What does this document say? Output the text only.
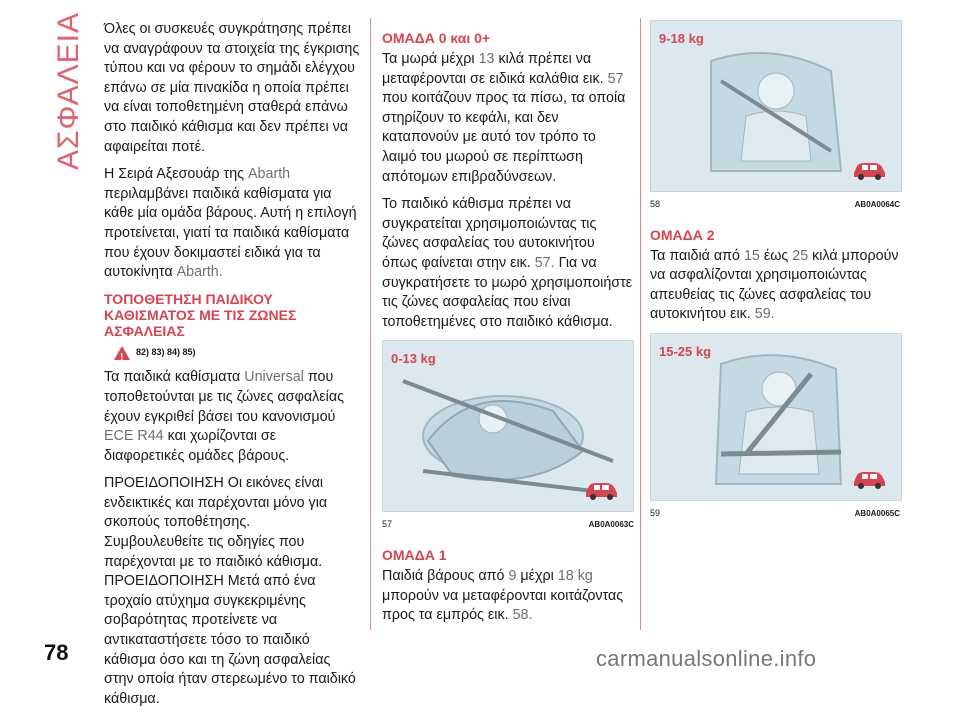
ΑΣΦΑΛΕΙΑ Όλες οι συσκευές συγκράτησης πρέπει να αναγράφουν τα στοιχεία της έγκρισης τύπου και να φέρουν το σημάδι ελέγχου επάνω σε μία πινακίδα η οποία πρέπει να είναι τοποθετημένη σταθερά επάνω στο παιδικό κάθισμα και δεν πρέπει να αφαιρείται ποτέ.

Η Σειρά Αξεσουάρ της Abarth περιλαμβάνει παιδικά καθίσματα για κάθε μία ομάδα βάρους. Αυτή η επιλογή προτείνεται, γιατί τα παιδικά καθίσματα που έχουν δοκιμαστεί ειδικά για τα αυτοκίνητα Abarth.

ΤΟΠΟΘΕΤΗΣΗ ΠΑΙΔΙΚΟΥ ΚΑΘΙΣΜΑΤΟΣ ΜΕ ΤΙΣ ΖΩΝΕΣ ΑΣΦΑΛΕΙΑΣ
! 82) 83) 84) 85)

Τα παιδικά καθίσματα Universal που τοποθετούνται με τις ζώνες ασφαλείας έχουν εγκριθεί βάσει του κανονισμού ECE R44 και χωρίζονται σε διαφορετικές ομάδες βάρους.

ΠΡΟΕΙΔΟΠΟΙΗΣΗ Οι εικόνες είναι ενδεικτικές και παρέχονται μόνο για σκοπούς τοποθέτησης.

Συμβουλευθείτε τις οδηγίες που παρέχονται με το παιδικό κάθισμα.

ΠΡΟΕΙΔΟΠΟΙΗΣΗ Μετά από ένα τροχαίο ατύχημα συγκεκριμένης σοβαρότητας προτείνετε να αντικαταστήσετε τόσο το παιδικό κάθισμα όσο και τη ζώνη ασφαλείας στην οποία ήταν στερεωμένο το παιδικό κάθισμα.

ΟΜΑΔΑ 0 και 0+

Τα μωρά μέχρι 13 κιλά πρέπει να μεταφέρονται σε ειδικά καλάθια εικ. 57 που κοιτάζουν προς τα πίσω, τα οποία στηρίζουν το κεφάλι, και δεν καταπονούν με αυτό τον τρόπο το λαιμό του μωρού σε περίπτωση απότομων επιβραδύνσεων.

Το παιδικό κάθισμα πρέπει να συγκρατείται χρησιμοποιώντας τις ζώνες ασφαλείας του αυτοκινήτου όπως φαίνεται στην εικ. 57. Για να συγκρατήσετε το μωρό χρησιμοποιήστε τις ζώνες ασφαλείας που είναι τοποθετημένες στο παιδικό κάθισμα.

0-13 kg
57	AB0A0063C
ΟΜΑΔΑ 1

Παιδιά βάρους από 9 μέχρι 18 kg μπορούν να μεταφέρονται κοιτάζοντας προς τα εμπρός εικ. 58.

9-18 kg
58	AB0A0064C
ΟΜΑΔΑ 2

Τα παιδιά από 15 έως 25 κιλά μπορούν να ασφαλίζονται χρησιμοποιώντας απευθείας τις ζώνες ασφαλείας του αυτοκινήτου εικ. 59.

15-25 kg
59	AB0A0065C
78	carmanualsonline.info
